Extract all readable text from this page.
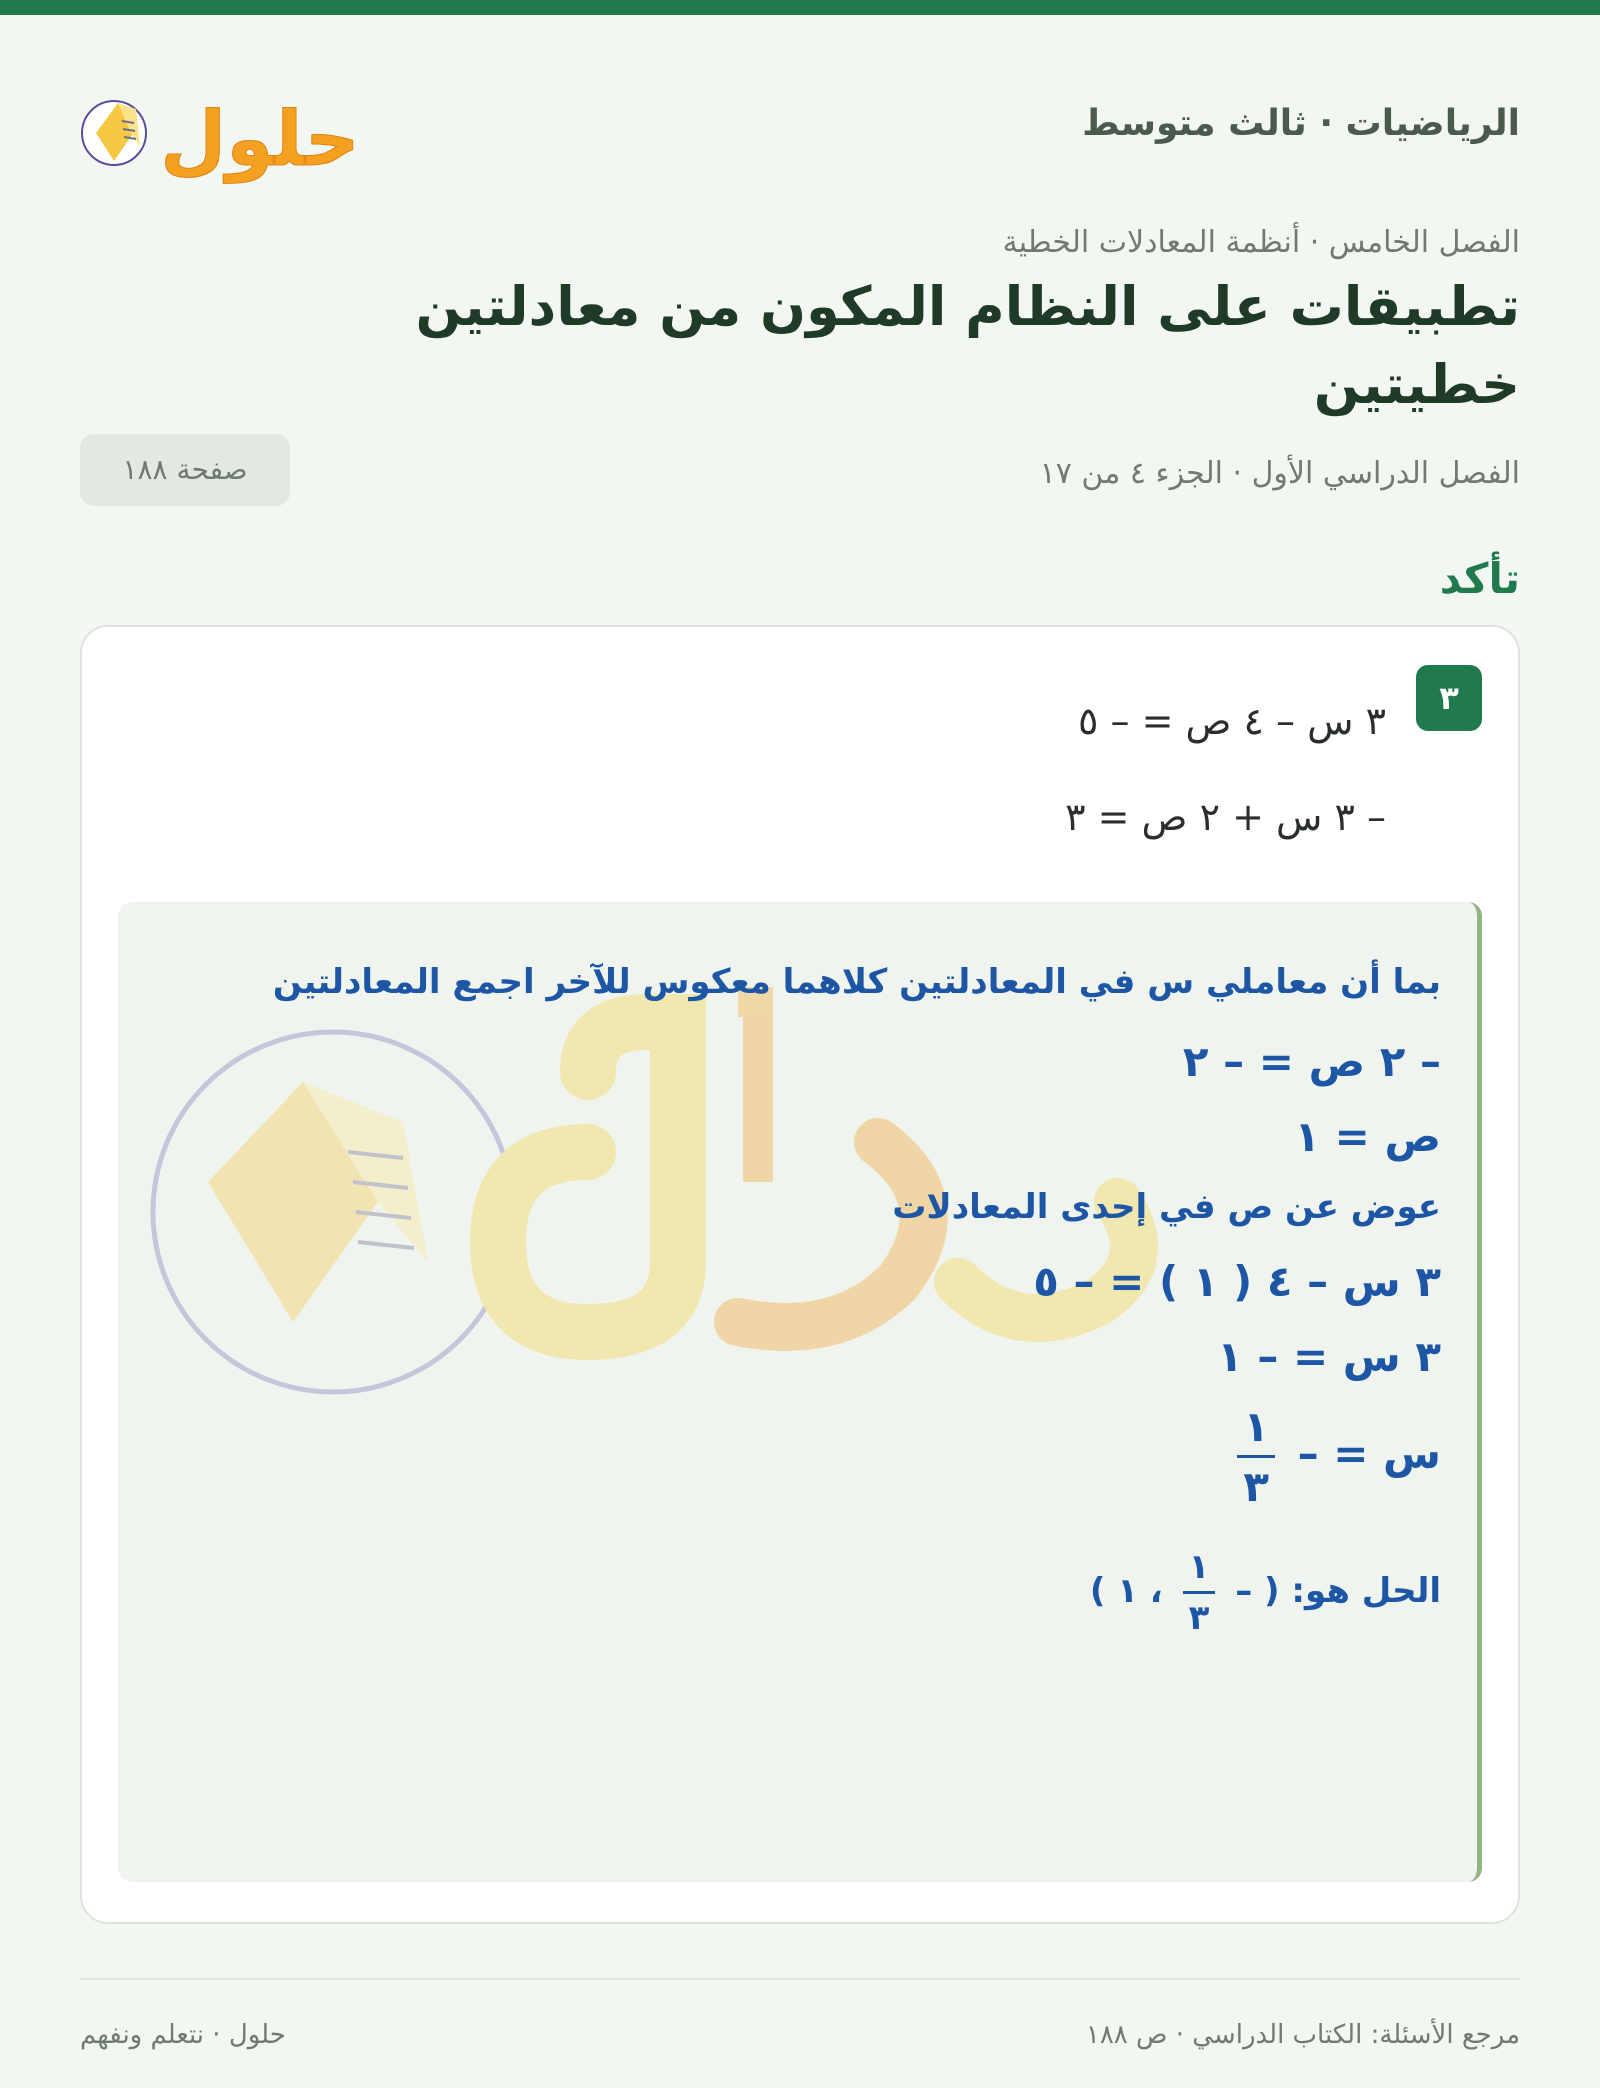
الرياضيات · ثالث متوسط
حلول
الفصل الخامس · أنظمة المعادلات الخطية
تطبيقات على النظام المكون من معادلتين خطيتين
الفصل الدراسي الأول · الجزء ٤ من ١٧
صفحة ١٨٨
تأكد
٣
٣ س – ٤ ص = – ٥
– ٣ س + ٢ ص = ٣
بما أن معاملي س في المعادلتين كلاهما معكوس للآخر اجمع المعادلتين
– ٢ ص = – ٢
ص = ١
عوض عن ص في إحدى المعادلات
٣ س – ٤ ( ١ ) = – ٥
٣ س = – ١
س = –
$\frac{١}{٣}$
الحل هو: ( –
$\frac{١}{٣}$
، ١ )
مرجع الأسئلة: الكتاب الدراسي · ص ١٨٨
حلول · نتعلم ونفهم
